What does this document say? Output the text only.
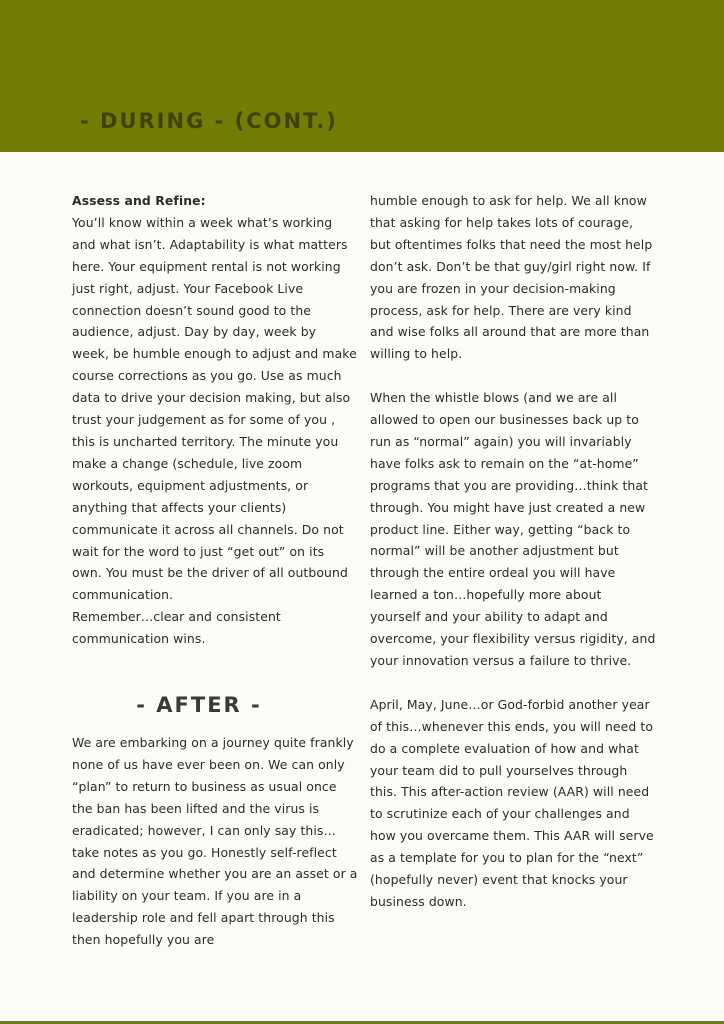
- DURING - (CONT.)

Assess and Refine:

You’ll know within a week what’s working and what isn’t. Adaptability is what matters here. Your equipment rental is not working just right, adjust. Your Facebook Live connection doesn’t sound good to the audience, adjust. Day by day, week by week, be humble enough to adjust and make course corrections as you go. Use as much data to drive your decision making, but also trust your judgement as for some of you , this is uncharted territory. The minute you make a change (schedule, live zoom workouts, equipment adjustments, or anything that affects your clients) communicate it across all channels. Do not wait for the word to just “get out” on its own. You must be the driver of all outbound communication.

Remember…clear and consistent communication wins.

- AFTER -

We are embarking on a journey quite frankly none of us have ever been on. We can only “plan” to return to business as usual once the ban has been lifted and the virus is eradicated; however, I can only say this…take notes as you go. Honestly self-reflect and determine whether you are an asset or a liability on your team. If you are in a leadership role and fell apart through this then hopefully you are

humble enough to ask for help. We all know that asking for help takes lots of courage, but oftentimes folks that need the most help don’t ask. Don’t be that guy/girl right now. If you are frozen in your decision-making process, ask for help. There are very kind and wise folks all around that are more than willing to help.

When the whistle blows (and we are all allowed to open our businesses back up to run as “normal” again) you will invariably have folks ask to remain on the “at-home” programs that you are providing…think that through. You might have just created a new product line. Either way, getting “back to normal” will be another adjustment but through the entire ordeal you will have learned a ton…hopefully more about yourself and your ability to adapt and overcome, your flexibility versus rigidity, and your innovation versus a failure to thrive.

April, May, June…or God-forbid another year of this…whenever this ends, you will need to do a complete evaluation of how and what your team did to pull yourselves through this. This after-action review (AAR) will need to scrutinize each of your challenges and how you overcame them. This AAR will serve as a template for you to plan for the “next” (hopefully never) event that knocks your business down.
